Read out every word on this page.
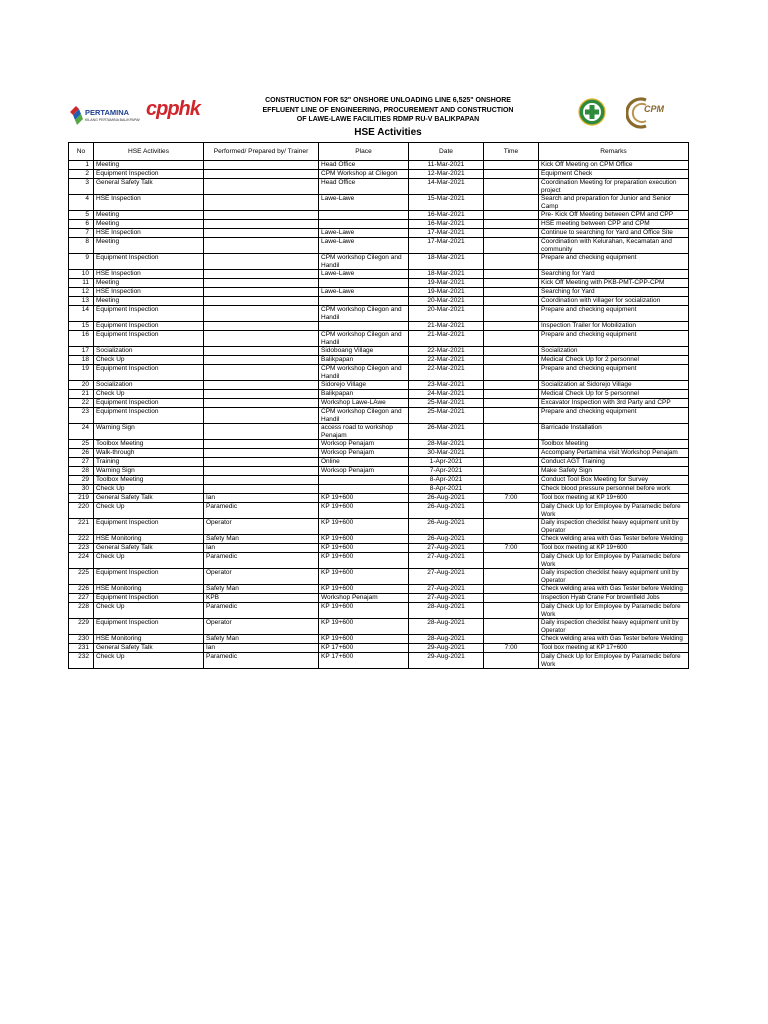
PERTAMINA
KILANG PERTAMINA BALIKPAPAN cpphk	CONSTRUCTION FOR 52" ONSHORE UNLOADING LINE 6,525" ONSHORE
EFFLUENT LINE OF ENGINEERING, PROCUREMENT AND CONSTRUCTION
OF LAWE-LAWE FACILITIES RDMP RU-V BALIKPAPAN
HSE Activities
CPM
No	HSE Activities	Performed/ Prepared by/ Trainer	Place	Date	Time	Remarks
1	Meeting		Head Office	11-Mar-2021		Kick Off Meeting on CPM Office
2	Equipment Inspection		CPM Workshop at Cilegon	12-Mar-2021		Equipment Check
3	General Safety Talk		Head Office	14-Mar-2021		Coordination Meeting for preparation execution project
4	HSE Inspection		Lawe-Lawe	15-Mar-2021		Search and preparation for Junior and Senior Camp
5	Meeting			16-Mar-2021		Pre- Kick Off Meeting between CPM and CPP
6	Meeting			16-Mar-2021		HSE meeting between CPP and CPM
7	HSE Inspection		Lawe-Lawe	17-Mar-2021		Continue to searching for Yard and Office Site
8	Meeting		Lawe-Lawe	17-Mar-2021		Coordination with Kelurahan, Kecamatan and community
9	Equipment Inspection		CPM workshop Cilegon and Handil	18-Mar-2021		Prepare and checking equipment
10	HSE Inspection		Lawe-Lawe	18-Mar-2021		Searching for Yard
11	Meeting			19-Mar-2021		Kick Off Meeting with PKB-PMT-CPP-CPM
12	HSE Inspection		Lawe-Lawe	19-Mar-2021		Searching for Yard
13	Meeting			20-Mar-2021		Coordination with villager for socialization
14	Equipment Inspection		CPM workshop Cilegon and Handil	20-Mar-2021		Prepare and checking equipment
15	Equipment Inspection			21-Mar-2021		Inspection Trailer for Mobilization
16	Equipment Inspection		CPM workshop Cilegon and Handil	21-Mar-2021		Prepare and checking equipment
17	Socialization		Sidoboang Village	22-Mar-2021		Socialization
18	Check Up		Balikpapan	22-Mar-2021		Medical Check Up for 2 personnel
19	Equipment Inspection		CPM workshop Cilegon and Handil	22-Mar-2021		Prepare and checking equipment
20	Socialization		Sidorejo Village	23-Mar-2021		Socialization at Sidorejo Village
21	Check Up		Balikpapan	24-Mar-2021		Medical Check Up for 5 personnel
22	Equipment Inspection		Workshop Lawe-LAwe	25-Mar-2021		Excavator Inspection with 3rd Party and CPP
23	Equipment Inspection		CPM workshop Cilegon and Handil	25-Mar-2021		Prepare and checking equipment
24	Warning Sign		access road to workshop Penajam	26-Mar-2021		Barricade Installation
25	Toolbox Meeting		Worksop Penajam	28-Mar-2021		Toolbox Meeting
26	Walk-through		Worksop Penajam	30-Mar-2021		Accompany Pertamina visit Workshop Penajam
27	Training		Online	1-Apr-2021		Conduct AGT Training
28	Warning Sign		Worksop Penajam	7-Apr-2021		Make Safety Sign
29	Toolbox Meeting			8-Apr-2021		Conduct Tool Box Meeting for Survey
30	Check Up			8-Apr-2021		Check blood pressure personnel before work
219	General Safety Talk	Ian	KP 19+600	26-Aug-2021	7:00	Tool box meeting at KP 19+600
220	Check Up	Paramedic	KP 19+600	26-Aug-2021		Daily Check Up for Employee by Paramedic before Work
221	Equipment Inspection	Operator	KP 19+600	26-Aug-2021		Daily inspection checklist heavy equipment unit by Operator
222	HSE Monitoring	Safety Man	KP 19+600	26-Aug-2021		Check welding area with Gas Tester before Welding
223	General Safety Talk	Ian	KP 19+600	27-Aug-2021	7:00	Tool box meeting at KP 19+600
224	Check Up	Paramedic	KP 19+600	27-Aug-2021		Daily Check Up for Employee by Paramedic before Work
225	Equipment Inspection	Operator	KP 19+600	27-Aug-2021		Daily inspection checklist heavy equipment unit by Operator
226	HSE Monitoring	Safety Man	KP 19+600	27-Aug-2021		Check welding area with Gas Tester before Welding
227	Equipment Inspection	KPB	Workshop Penajam	27-Aug-2021		Inspection Hyab Crane For brownfield Jobs
228	Check Up	Paramedic	KP 19+600	28-Aug-2021		Daily Check Up for Employee by Paramedic before Work
229	Equipment Inspection	Operator	KP 19+600	28-Aug-2021		Daily inspection checklist heavy equipment unit by Operator
230	HSE Monitoring	Safety Man	KP 19+600	28-Aug-2021		Check welding area with Gas Tester before Welding
231	General Safety Talk	Ian	KP 17+600	29-Aug-2021	7:00	Tool box meeting at KP 17+600
232	Check Up	Paramedic	KP 17+600	29-Aug-2021		Daily Check Up for Employee by Paramedic before Work
